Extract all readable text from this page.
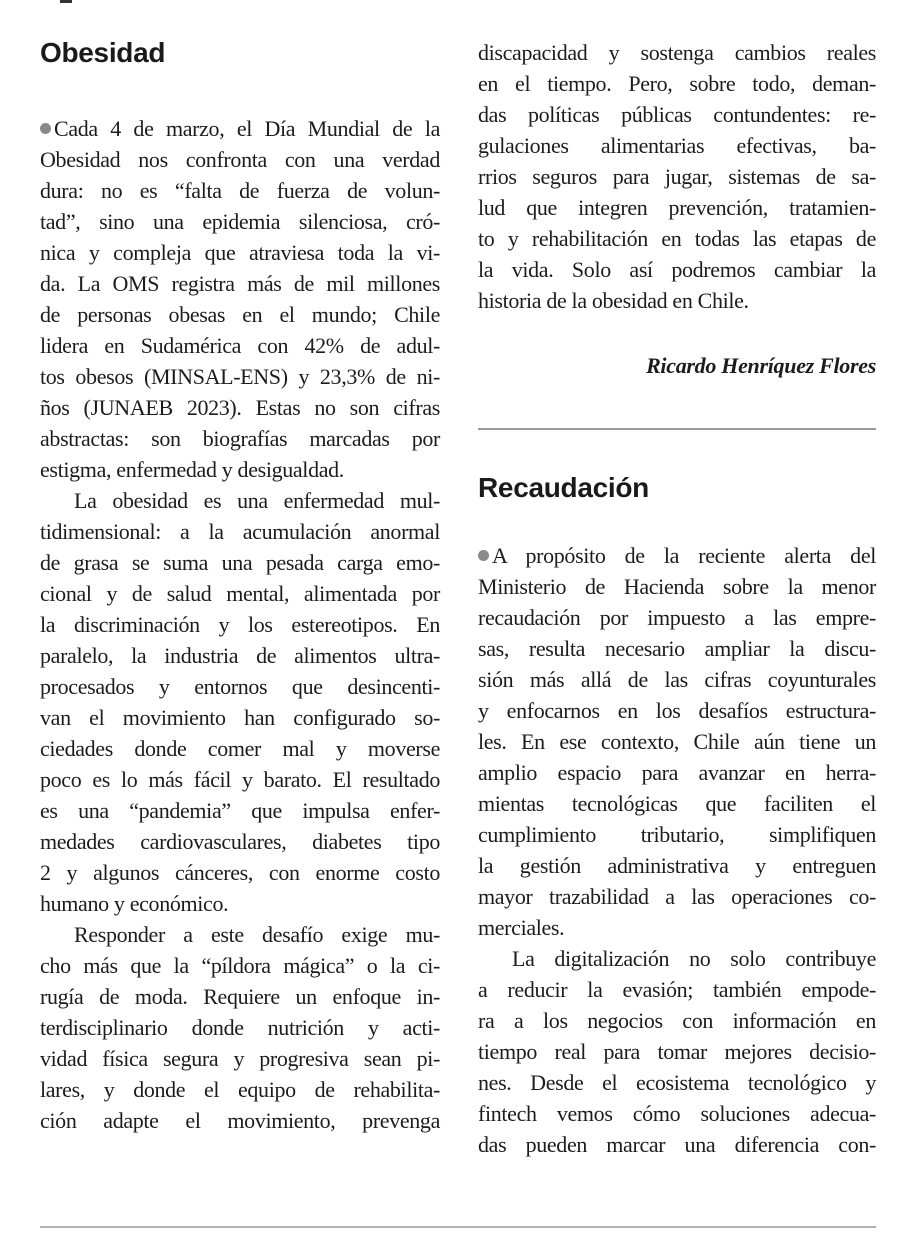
Obesidad
Cada 4 de marzo, el Día Mundial de la
Obesidad nos confronta con una verdad
dura: no es “falta de fuerza de volun-
tad”, sino una epidemia silenciosa, cró-
nica y compleja que atraviesa toda la vi-
da. La OMS registra más de mil millones
de personas obesas en el mundo; Chile
lidera en Sudamérica con 42% de adul-
tos obesos (MINSAL-ENS) y 23,3% de ni-
ños (JUNAEB 2023). Estas no son cifras
abstractas: son biografías marcadas por
estigma, enfermedad y desigualdad.
La obesidad es una enfermedad mul-
tidimensional: a la acumulación anormal
de grasa se suma una pesada carga emo-
cional y de salud mental, alimentada por
la discriminación y los estereotipos. En
paralelo, la industria de alimentos ultra-
procesados y entornos que desincenti-
van el movimiento han configurado so-
ciedades donde comer mal y moverse
poco es lo más fácil y barato. El resultado
es una “pandemia” que impulsa enfer-
medades cardiovasculares, diabetes tipo
2 y algunos cánceres, con enorme costo
humano y económico.
Responder a este desafío exige mu-
cho más que la “píldora mágica” o la ci-
rugía de moda. Requiere un enfoque in-
terdisciplinario donde nutrición y acti-
vidad física segura y progresiva sean pi-
lares, y donde el equipo de rehabilita-
ción adapte el movimiento, prevenga
discapacidad y sostenga cambios reales
en el tiempo. Pero, sobre todo, deman-
das políticas públicas contundentes: re-
gulaciones alimentarias efectivas, ba-
rrios seguros para jugar, sistemas de sa-
lud que integren prevención, tratamien-
to y rehabilitación en todas las etapas de
la vida. Solo así podremos cambiar la
historia de la obesidad en Chile.
Ricardo Henríquez Flores
Recaudación
A propósito de la reciente alerta del
Ministerio de Hacienda sobre la menor
recaudación por impuesto a las empre-
sas, resulta necesario ampliar la discu-
sión más allá de las cifras coyunturales
y enfocarnos en los desafíos estructura-
les. En ese contexto, Chile aún tiene un
amplio espacio para avanzar en herra-
mientas tecnológicas que faciliten el
cumplimiento tributario, simplifiquen
la gestión administrativa y entreguen
mayor trazabilidad a las operaciones co-
merciales.
La digitalización no solo contribuye
a reducir la evasión; también empode-
ra a los negocios con información en
tiempo real para tomar mejores decisio-
nes. Desde el ecosistema tecnológico y
fintech vemos cómo soluciones adecua-
das pueden marcar una diferencia con-
